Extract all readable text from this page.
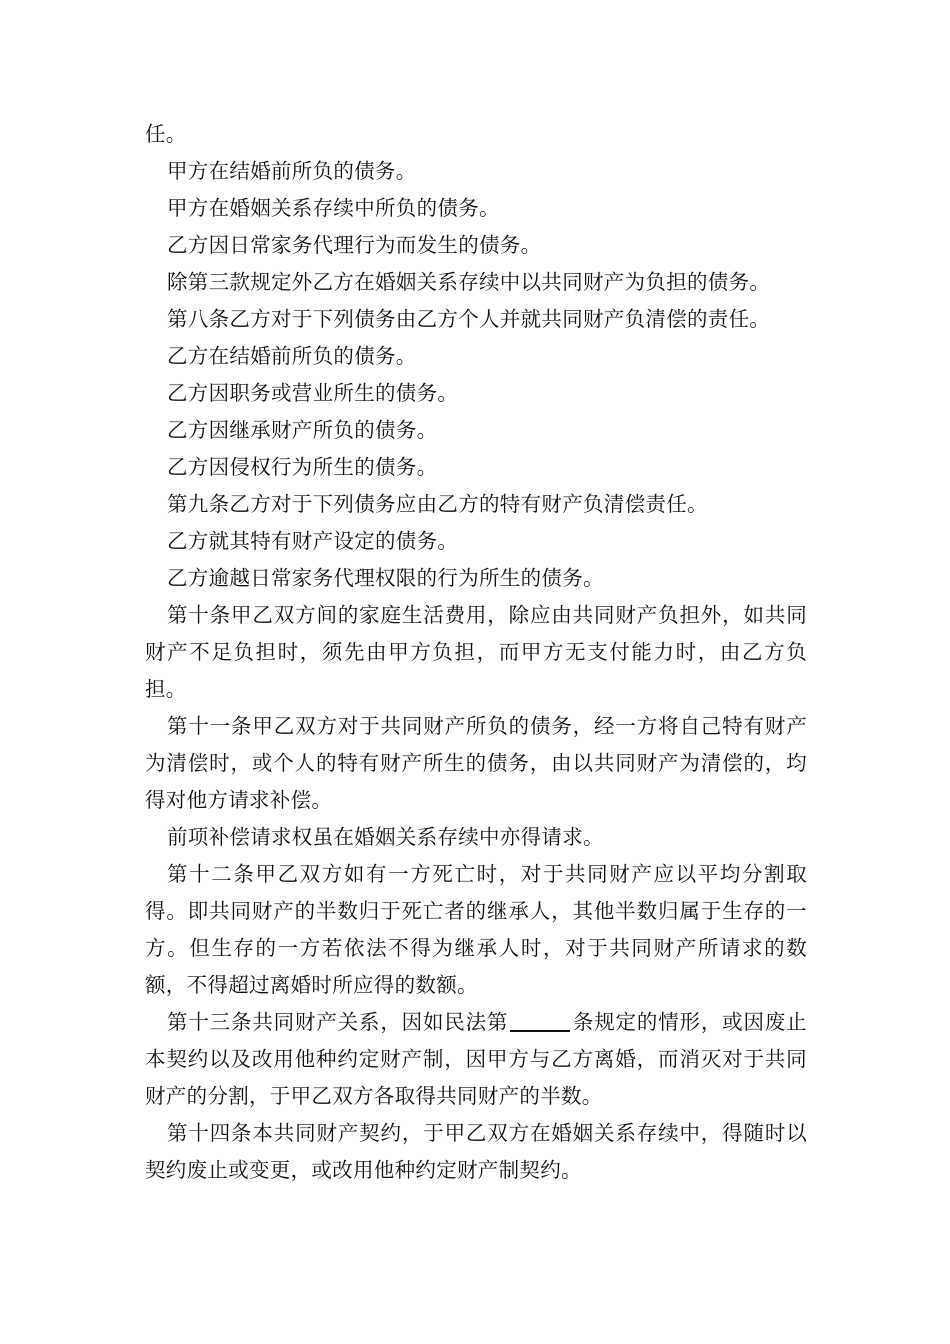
任。

甲方在结婚前所负的债务。

甲方在婚姻关系存续中所负的债务。

乙方因日常家务代理行为而发生的债务。

除第三款规定外乙方在婚姻关系存续中以共同财产为负担的债务。

第八条乙方对于下列债务由乙方个人并就共同财产负清偿的责任。

乙方在结婚前所负的债务。

乙方因职务或营业所生的债务。

乙方因继承财产所负的债务。

乙方因侵权行为所生的债务。

第九条乙方对于下列债务应由乙方的特有财产负清偿责任。

乙方就其特有财产设定的债务。

乙方逾越日常家务代理权限的行为所生的债务。

第十条甲乙双方间的家庭生活费用，除应由共同财产负担外，如共同财产不足负担时，须先由甲方负担，而甲方无支付能力时，由乙方负担。

第十一条甲乙双方对于共同财产所负的债务，经一方将自己特有财产为清偿时，或个人的特有财产所生的债务，由以共同财产为清偿的，均得对他方请求补偿。

前项补偿请求权虽在婚姻关系存续中亦得请求。

第十二条甲乙双方如有一方死亡时，对于共同财产应以平均分割取得。即共同财产的半数归于死亡者的继承人，其他半数归属于生存的一方。但生存的一方若依法不得为继承人时，对于共同财产所请求的数额，不得超过离婚时所应得的数额。

第十三条共同财产关系，因如民法第	条规定的情形，或因废止本契约以及改用他种约定财产制，因甲方与乙方离婚，而消灭对于共同财产的分割，于甲乙双方各取得共同财产的半数。

第十四条本共同财产契约，于甲乙双方在婚姻关系存续中，得随时以契约废止或变更，或改用他种约定财产制契约。
